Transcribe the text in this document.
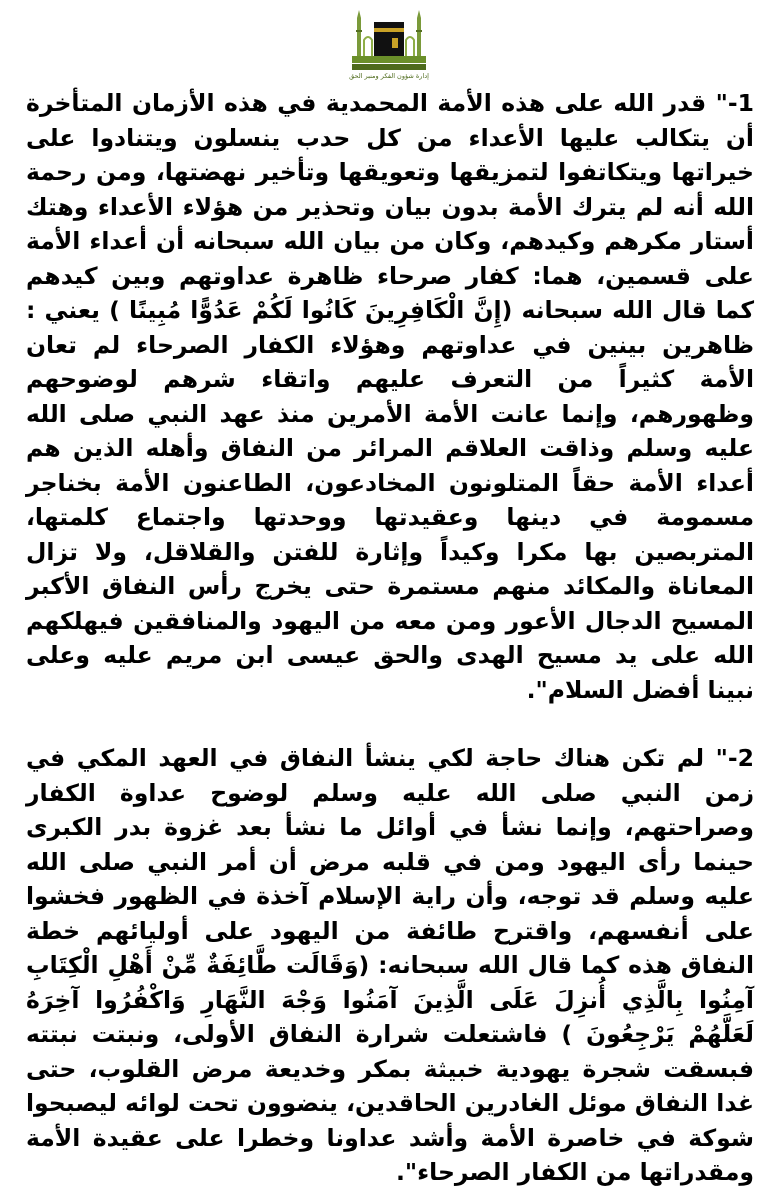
إدارة شؤون الفكر ومنبر الحق

1-" قدر الله على هذه الأمة المحمدية في هذه الأزمان المتأخرة أن يتكالب عليها الأعداء من كل حدب ينسلون ويتنادوا على خيراتها ويتكاتفوا لتمزيقها وتعويقها وتأخير نهضتها، ومن رحمة الله أنه لم يترك الأمة بدون بيان وتحذير من هؤلاء الأعداء وهتك أستار مكرهم وكيدهم، وكان من بيان الله سبحانه أن أعداء الأمة على قسمين، هما: كفار صرحاء ظاهرة عداوتهم وبين كيدهم كما قال الله سبحانه (إِنَّ الْكَافِرِينَ كَانُوا لَكُمْ عَدُوًّا مُبِينًا ) يعني : ظاهرين بينين في عداوتهم وهؤلاء الكفار الصرحاء لم تعان الأمة كثيراً من التعرف عليهم واتقاء شرهم لوضوحهم وظهورهم، وإنما عانت الأمة الأمرين منذ عهد النبي صلى الله عليه وسلم وذاقت العلاقم المرائر من النفاق وأهله الذين هم أعداء الأمة حقاً المتلونون المخادعون، الطاعنون الأمة بخناجر مسمومة في دينها وعقيدتها ووحدتها واجتماع كلمتها، المتربصين بها مكرا وكيداً وإثارة للفتن والقلاقل، ولا تزال المعاناة والمكائد منهم مستمرة حتى يخرج رأس النفاق الأكبر المسيح الدجال الأعور ومن معه من اليهود والمنافقين فيهلكهم الله على يد مسيح الهدى والحق عيسى ابن مريم عليه وعلى نبينا أفضل السلام".

2-" لم تكن هناك حاجة لكي ينشأ النفاق في العهد المكي في زمن النبي صلى الله عليه وسلم لوضوح عداوة الكفار وصراحتهم، وإنما نشأ في أوائل ما نشأ بعد غزوة بدر الكبرى حينما رأى اليهود ومن في قلبه مرض أن أمر النبي صلى الله عليه وسلم قد توجه، وأن راية الإسلام آخذة في الظهور فخشوا على أنفسهم، واقترح طائفة من اليهود على أوليائهم خطة النفاق هذه كما قال الله سبحانه: (وَقَالَت طَّائِفَةٌ مِّنْ أَهْلِ الْكِتَابِ آمِنُوا بِالَّذِي أُنزِلَ عَلَى الَّذِينَ آمَنُوا وَجْهَ النَّهَارِ وَاكْفُرُوا آخِرَهُ لَعَلَّهُمْ يَرْجِعُونَ ) فاشتعلت شرارة النفاق الأولى، ونبتت نبتته فبسقت شجرة يهودية خبيثة بمكر وخديعة مرض القلوب، حتى غدا النفاق موئل الغادرين الحاقدين، ينضوون تحت لوائه ليصبحوا شوكة في خاصرة الأمة وأشد عداونا وخطرا على عقيدة الأمة ومقدراتها من الكفار الصرحاء".
